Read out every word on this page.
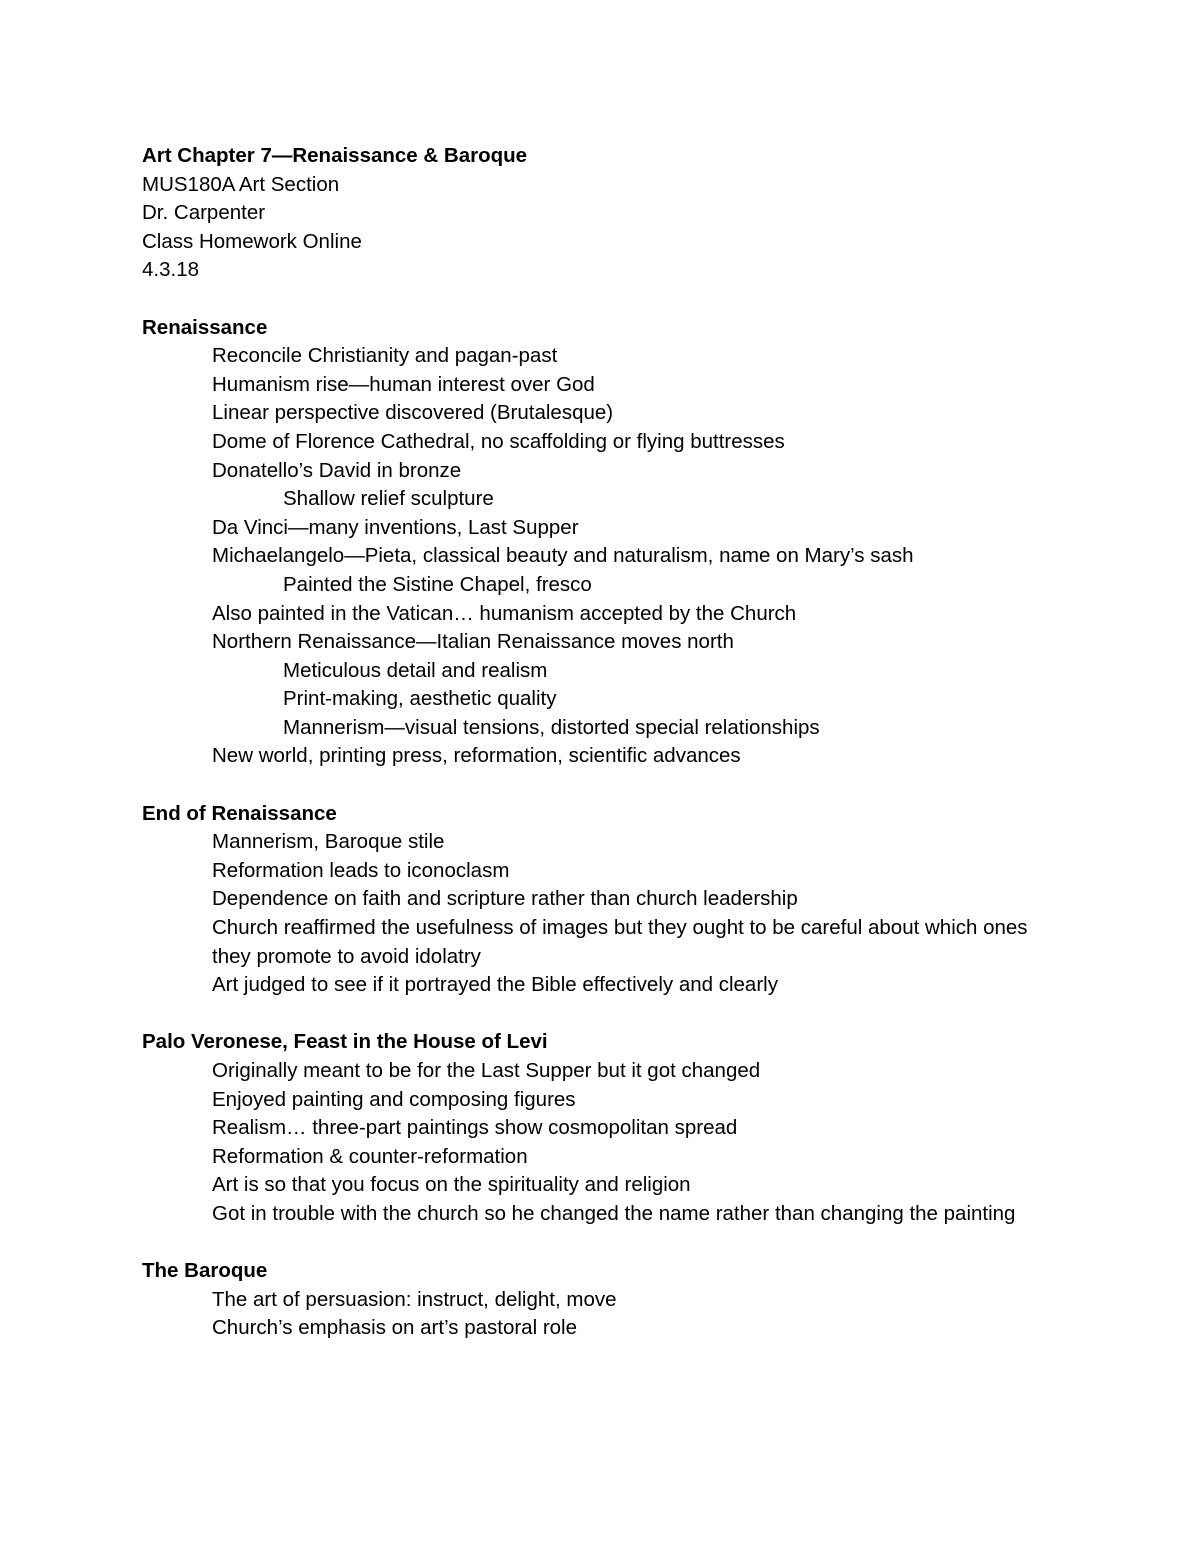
Art Chapter 7—Renaissance & Baroque
MUS180A Art Section
Dr. Carpenter
Class Homework Online
4.3.18
Renaissance
Reconcile Christianity and pagan-past
Humanism rise—human interest over God
Linear perspective discovered (Brutalesque)
Dome of Florence Cathedral, no scaffolding or flying buttresses
Donatello’s David in bronze
Shallow relief sculpture
Da Vinci—many inventions, Last Supper
Michaelangelo—Pieta, classical beauty and naturalism, name on Mary’s sash
Painted the Sistine Chapel, fresco
Also painted in the Vatican… humanism accepted by the Church
Northern Renaissance—Italian Renaissance moves north
Meticulous detail and realism
Print-making, aesthetic quality
Mannerism—visual tensions, distorted special relationships
New world, printing press, reformation, scientific advances
End of Renaissance
Mannerism, Baroque stile
Reformation leads to iconoclasm
Dependence on faith and scripture rather than church leadership
Church reaffirmed the usefulness of images but they ought to be careful about which ones they promote to avoid idolatry
Art judged to see if it portrayed the Bible effectively and clearly
Palo Veronese, Feast in the House of Levi
Originally meant to be for the Last Supper but it got changed
Enjoyed painting and composing figures
Realism… three-part paintings show cosmopolitan spread
Reformation & counter-reformation
Art is so that you focus on the spirituality and religion
Got in trouble with the church so he changed the name rather than changing the painting
The Baroque
The art of persuasion: instruct, delight, move
Church’s emphasis on art’s pastoral role
